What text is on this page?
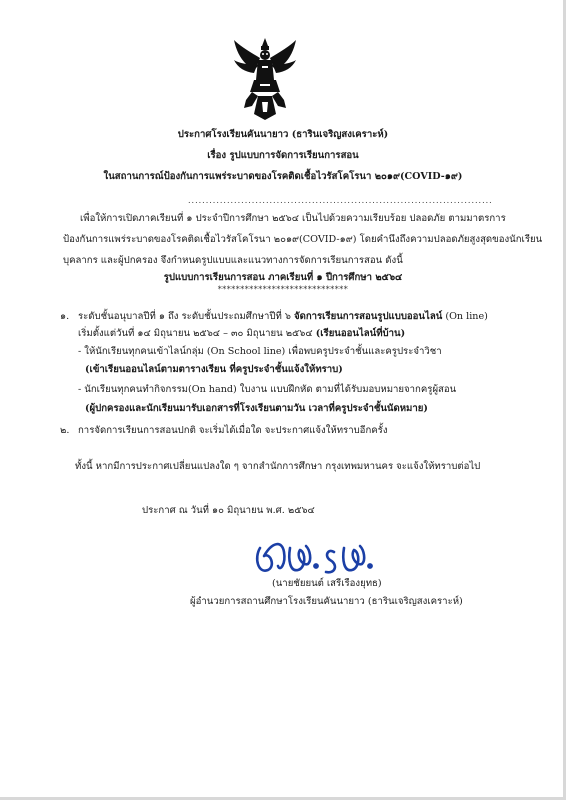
ประกาศโรงเรียนคันนายาว (ธารินเจริญสงเคราะห์)
เรื่อง รูปแบบการจัดการเรียนการสอน
ในสถานการณ์ป้องกันการแพร่ระบาดของโรคติดเชื้อไวรัสโคโรนา ๒๐๑๙(COVID-๑๙)
......................................................................................
เพื่อให้การเปิดภาคเรียนที่ ๑ ประจำปีการศึกษา ๒๕๖๔ เป็นไปด้วยความเรียบร้อย ปลอดภัย ตามมาตรการ
ป้องกันการแพร่ระบาดของโรคติดเชื้อไวรัสโคโรนา ๒๐๑๙(COVID-๑๙) โดยคำนึงถึงความปลอดภัยสูงสุดของนักเรียน
บุคลากร และผู้ปกครอง จึงกำหนดรูปแบบและแนวทางการจัดการเรียนการสอน ดังนี้
รูปแบบการเรียนการสอน ภาคเรียนที่ ๑ ปีการศึกษา ๒๕๖๔
*****************************
๑. ระดับชั้นอนุบาลปีที่ ๑ ถึง ระดับชั้นประถมศึกษาปีที่ ๖ จัดการเรียนการสอนรูปแบบออนไลน์ (On line)
เริ่มตั้งแต่วันที่ ๑๔ มิถุนายน ๒๕๖๔ – ๓๐ มิถุนายน ๒๕๖๔ (เรียนออนไลน์ที่บ้าน)
- ให้นักเรียนทุกคนเข้าไลน์กลุ่ม (On School line) เพื่อพบครูประจำชั้นและครูประจำวิชา
(เข้าเรียนออนไลน์ตามตารางเรียน ที่ครูประจำชั้นแจ้งให้ทราบ)
- นักเรียนทุกคนทำกิจกรรม(On hand) ใบงาน แบบฝึกหัด ตามที่ได้รับมอบหมายจากครูผู้สอน
(ผู้ปกครองและนักเรียนมารับเอกสารที่โรงเรียนตามวัน เวลาที่ครูประจำชั้นนัดหมาย)
๒. การจัดการเรียนการสอนปกติ จะเริ่มได้เมื่อใด จะประกาศแจ้งให้ทราบอีกครั้ง
ทั้งนี้ หากมีการประกาศเปลี่ยนแปลงใด ๆ จากสำนักการศึกษา กรุงเทพมหานคร จะแจ้งให้ทราบต่อไป
ประกาศ ณ วันที่ ๑๐ มิถุนายน พ.ศ. ๒๕๖๔
(นายชัยยนต์ เสรีเรืองยุทธ)
ผู้อำนวยการสถานศึกษาโรงเรียนคันนายาว (ธารินเจริญสงเคราะห์)
